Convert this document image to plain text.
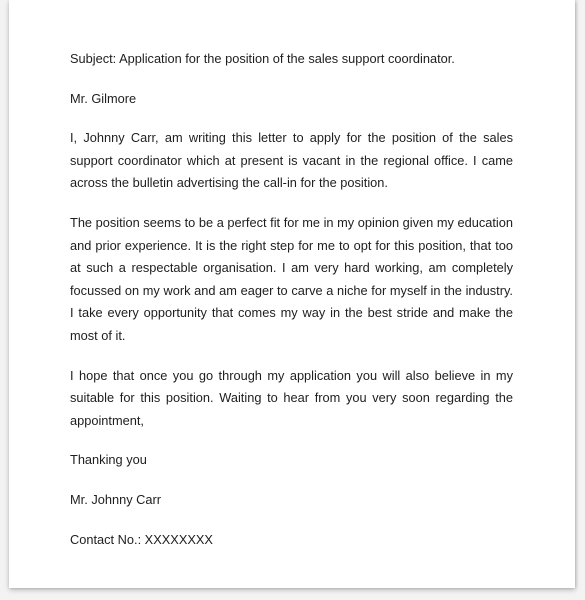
Subject: Application for the position of the sales support coordinator.

Mr. Gilmore

I, Johnny Carr, am writing this letter to apply for the position of the sales support coordinator which at present is vacant in the regional office. I came across the bulletin advertising the call-in for the position.

The position seems to be a perfect fit for me in my opinion given my education and prior experience. It is the right step for me to opt for this position, that too at such a respectable organisation. I am very hard working, am completely focussed on my work and am eager to carve a niche for myself in the industry. I take every opportunity that comes my way in the best stride and make the most of it.

I hope that once you go through my application you will also believe in my suitable for this position. Waiting to hear from you very soon regarding the appointment,

Thanking you

Mr. Johnny Carr

Contact No.: XXXXXXXX
